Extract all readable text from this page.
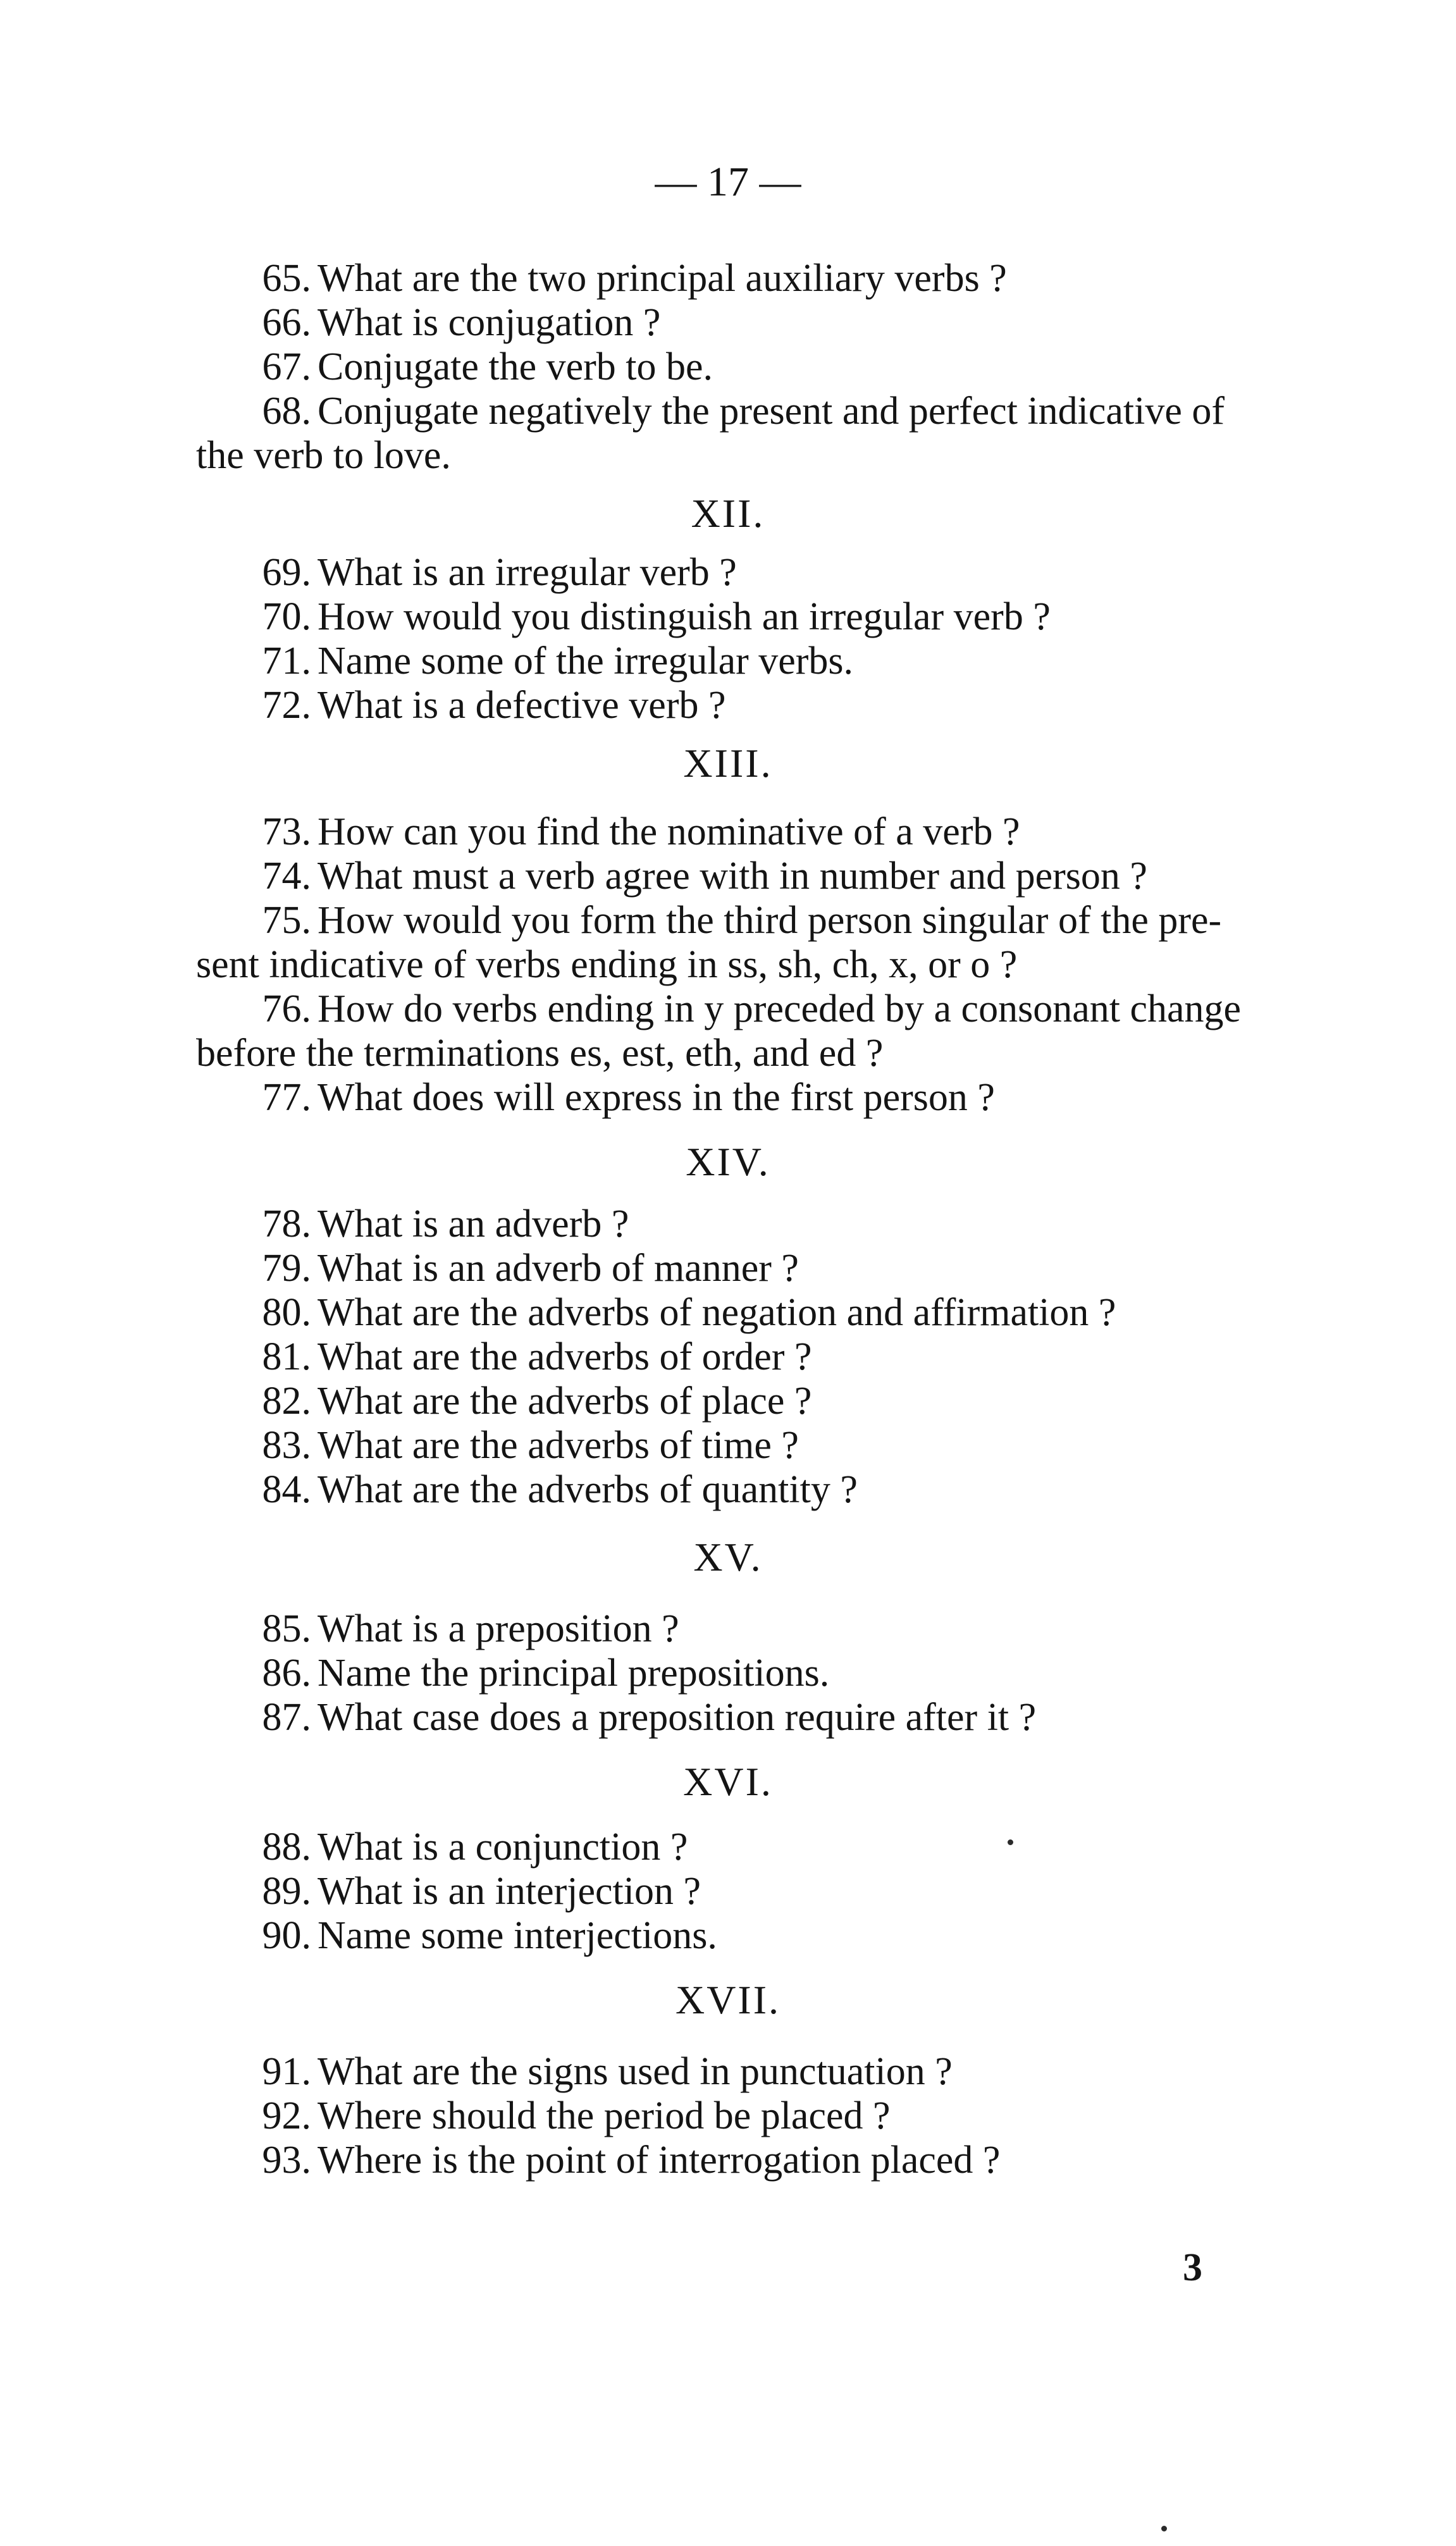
— 17 —
65. What are the two principal auxiliary verbs ?
66. What is conjugation ?
67. Conjugate the verb to be.
68. Conjugate negatively the present and perfect indicative of
the verb to love.
XII.
69. What is an irregular verb ?
70. How would you distinguish an irregular verb ?
71. Name some of the irregular verbs.
72. What is a defective verb ?
XIII.
73. How can you find the nominative of a verb ?
74. What must a verb agree with in number and person ?
75. How would you form the third person singular of the pre-
sent indicative of verbs ending in ss, sh, ch, x, or o ?
76. How do verbs ending in y preceded by a consonant change
before the terminations es, est, eth, and ed ?
77. What does will express in the first person ?
XIV.
78. What is an adverb ?
79. What is an adverb of manner ?
80. What are the adverbs of negation and affirmation ?
81. What are the adverbs of order ?
82. What are the adverbs of place ?
83. What are the adverbs of time ?
84. What are the adverbs of quantity ?
XV.
85. What is a preposition ?
86. Name the principal prepositions.
87. What case does a preposition require after it ?
XVI.
88. What is a conjunction ?
89. What is an interjection ?
90. Name some interjections.
XVII.
91. What are the signs used in punctuation ?
92. Where should the period be placed ?
93. Where is the point of interrogation placed ?
3
